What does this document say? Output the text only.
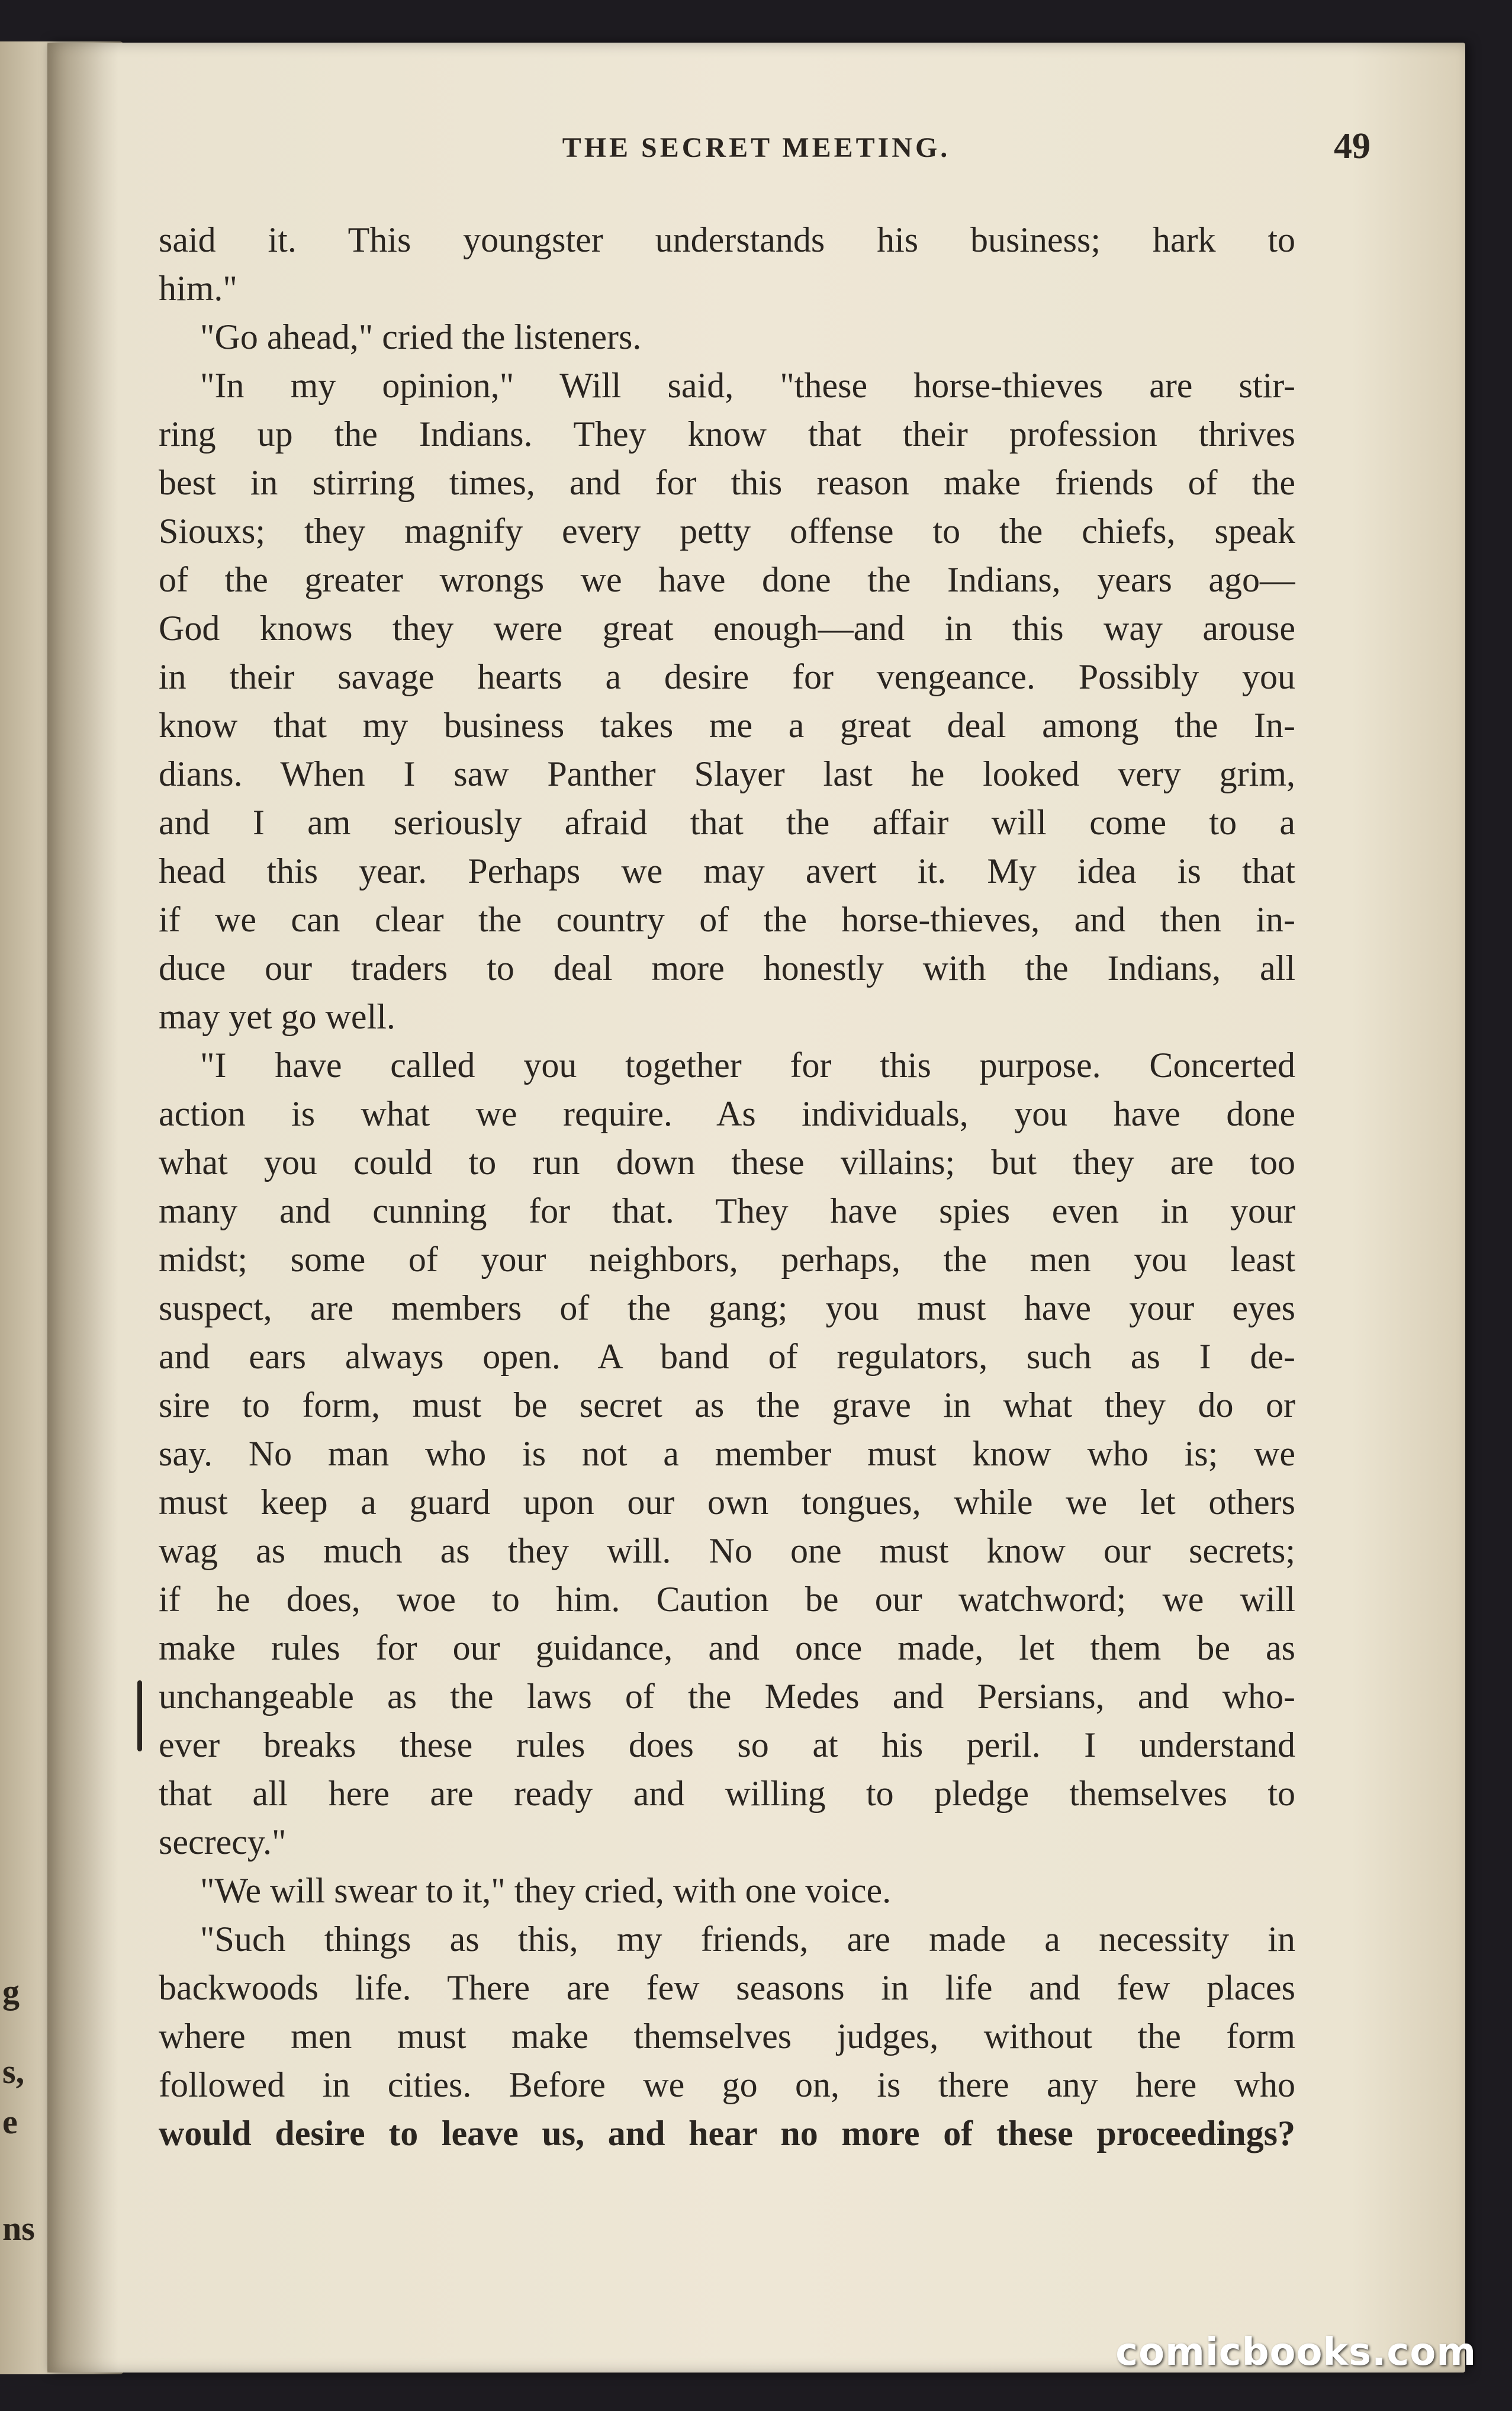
g
s,
e
ns
THE SECRET MEETING.	49
said it. This youngster understands his business; hark to
him."
"Go ahead," cried the listeners.
"In my opinion," Will said, "these horse-thieves are stir-
ring up the Indians. They know that their profession thrives
best in stirring times, and for this reason make friends of the
Siouxs; they magnify every petty offense to the chiefs, speak
of the greater wrongs we have done the Indians, years ago—
God knows they were great enough—and in this way arouse
in their savage hearts a desire for vengeance. Possibly you
know that my business takes me a great deal among the In-
dians. When I saw Panther Slayer last he looked very grim,
and I am seriously afraid that the affair will come to a
head this year. Perhaps we may avert it. My idea is that
if we can clear the country of the horse-thieves, and then in-
duce our traders to deal more honestly with the Indians, all
may yet go well.
"I have called you together for this purpose. Concerted
action is what we require. As individuals, you have done
what you could to run down these villains; but they are too
many and cunning for that. They have spies even in your
midst; some of your neighbors, perhaps, the men you least
suspect, are members of the gang; you must have your eyes
and ears always open. A band of regulators, such as I de-
sire to form, must be secret as the grave in what they do or
say. No man who is not a member must know who is; we
must keep a guard upon our own tongues, while we let others
wag as much as they will. No one must know our secrets;
if he does, woe to him. Caution be our watchword; we will
make rules for our guidance, and once made, let them be as
unchangeable as the laws of the Medes and Persians, and who-
ever breaks these rules does so at his peril. I understand
that all here are ready and willing to pledge themselves to
secrecy."
"We will swear to it," they cried, with one voice.
"Such things as this, my friends, are made a necessity in
backwoods life. There are few seasons in life and few places
where men must make themselves judges, without the form
followed in cities. Before we go on, is there any here who
would desire to leave us, and hear no more of these proceedings?
comicbooks.com
